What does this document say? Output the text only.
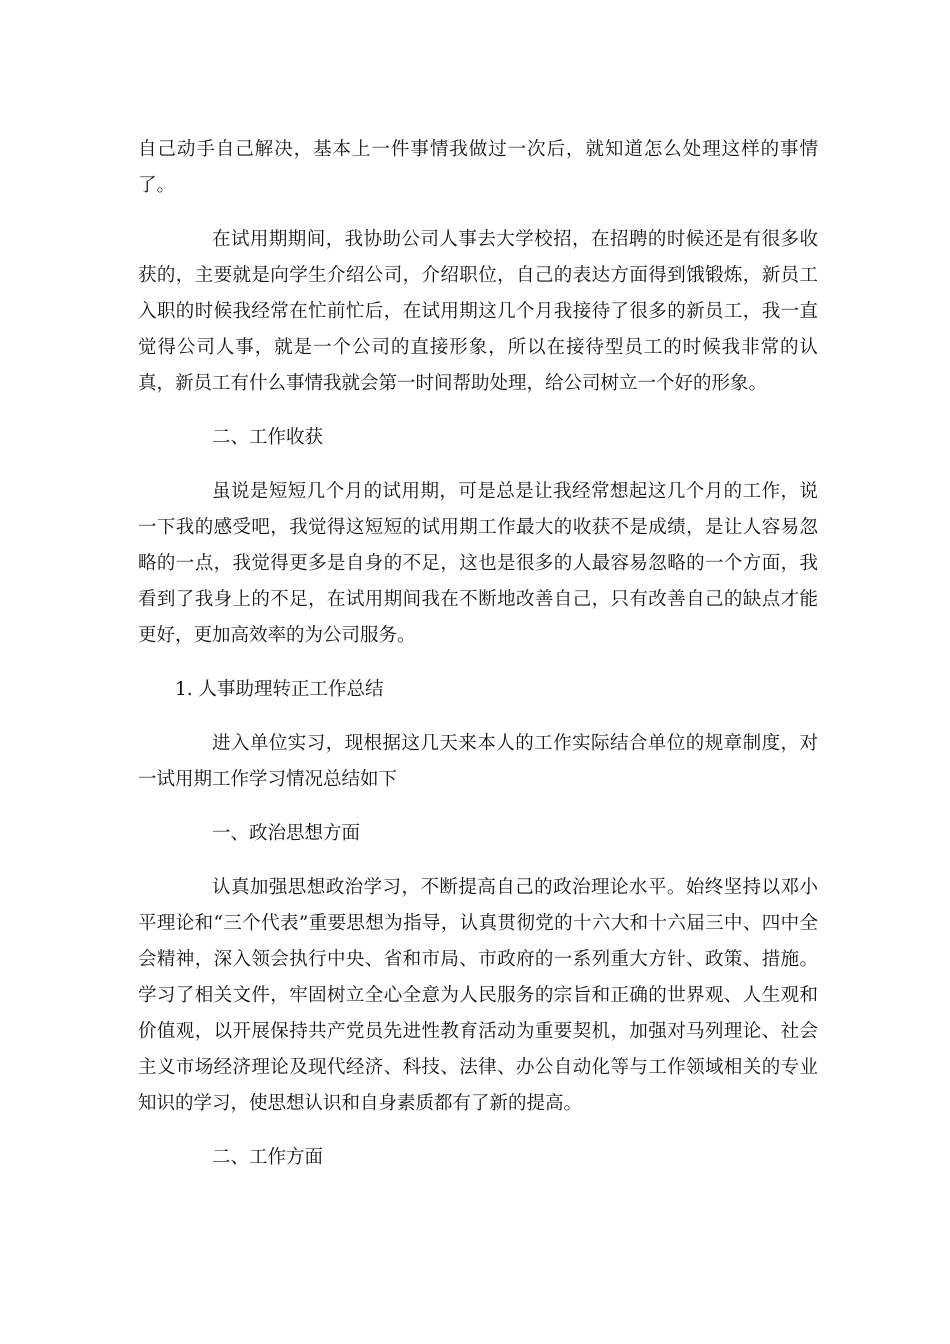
自己动手自己解决，基本上一件事情我做过一次后，就知道怎么处理这样的事情了。

在试用期期间，我协助公司人事去大学校招，在招聘的时候还是有很多收获的，主要就是向学生介绍公司，介绍职位，自己的表达方面得到饿锻炼，新员工入职的时候我经常在忙前忙后，在试用期这几个月我接待了很多的新员工，我一直觉得公司人事，就是一个公司的直接形象，所以在接待型员工的时候我非常的认真，新员工有什么事情我就会第一时间帮助处理，给公司树立一个好的形象。

二、工作收获

虽说是短短几个月的试用期，可是总是让我经常想起这几个月的工作，说一下我的感受吧，我觉得这短短的试用期工作最大的收获不是成绩，是让人容易忽略的一点，我觉得更多是自身的不足，这也是很多的人最容易忽略的一个方面，我看到了我身上的不足，在试用期间我在不断地改善自己，只有改善自己的缺点才能更好，更加高效率的为公司服务。

1. 人事助理转正工作总结

进入单位实习，现根据这几天来本人的工作实际结合单位的规章制度，对一试用期工作学习情况总结如下

一、政治思想方面

认真加强思想政治学习，不断提高自己的政治理论水平。始终坚持以邓小平理论和“三个代表”重要思想为指导，认真贯彻党的十六大和十六届三中、四中全会精神，深入领会执行中央、省和市局、市政府的一系列重大方针、政策、措施。学习了相关文件，牢固树立全心全意为人民服务的宗旨和正确的世界观、人生观和价值观，以开展保持共产党员先进性教育活动为重要契机，加强对马列理论、社会主义市场经济理论及现代经济、科技、法律、办公自动化等与工作领域相关的专业知识的学习，使思想认识和自身素质都有了新的提高。

二、工作方面
